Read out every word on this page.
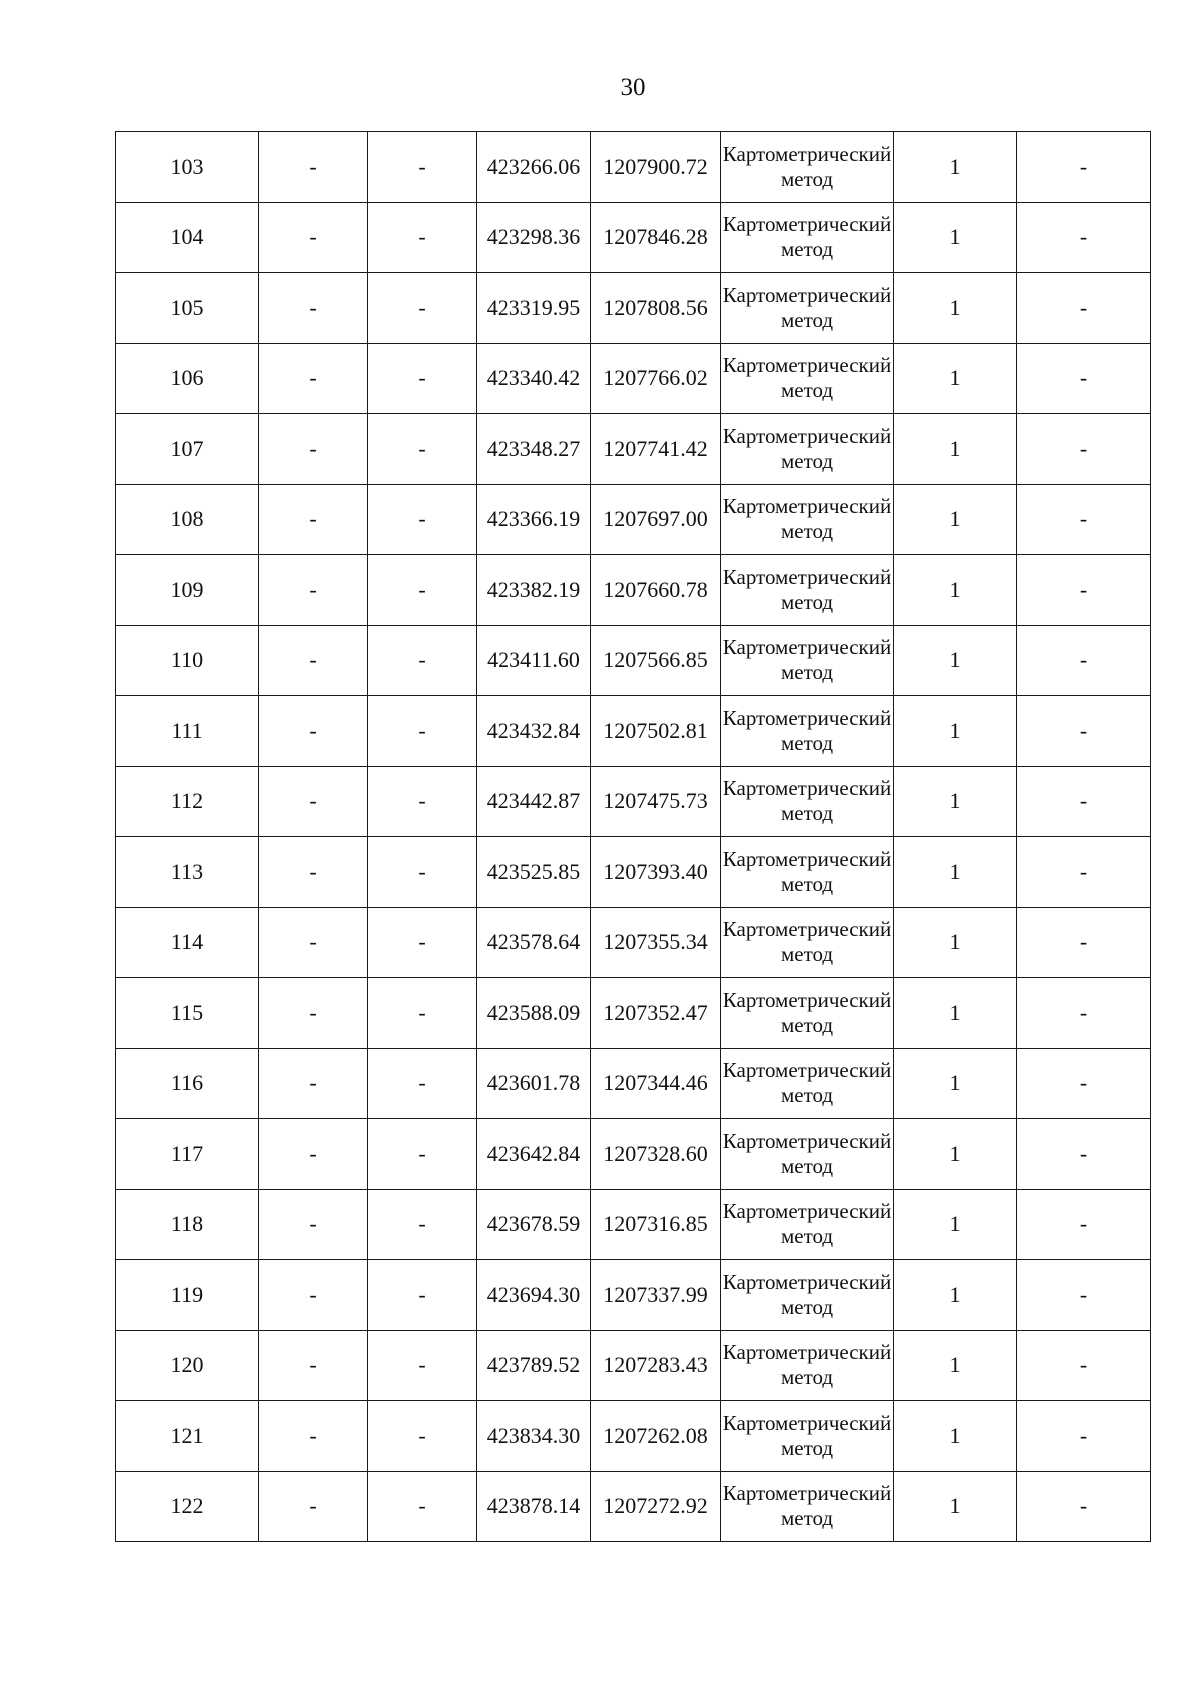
30
103	-	-	423266.06	1207900.72	Картометрический метод	1	-
104	-	-	423298.36	1207846.28	Картометрический метод	1	-
105	-	-	423319.95	1207808.56	Картометрический метод	1	-
106	-	-	423340.42	1207766.02	Картометрический метод	1	-
107	-	-	423348.27	1207741.42	Картометрический метод	1	-
108	-	-	423366.19	1207697.00	Картометрический метод	1	-
109	-	-	423382.19	1207660.78	Картометрический метод	1	-
110	-	-	423411.60	1207566.85	Картометрический метод	1	-
111	-	-	423432.84	1207502.81	Картометрический метод	1	-
112	-	-	423442.87	1207475.73	Картометрический метод	1	-
113	-	-	423525.85	1207393.40	Картометрический метод	1	-
114	-	-	423578.64	1207355.34	Картометрический метод	1	-
115	-	-	423588.09	1207352.47	Картометрический метод	1	-
116	-	-	423601.78	1207344.46	Картометрический метод	1	-
117	-	-	423642.84	1207328.60	Картометрический метод	1	-
118	-	-	423678.59	1207316.85	Картометрический метод	1	-
119	-	-	423694.30	1207337.99	Картометрический метод	1	-
120	-	-	423789.52	1207283.43	Картометрический метод	1	-
121	-	-	423834.30	1207262.08	Картометрический метод	1	-
122	-	-	423878.14	1207272.92	Картометрический метод	1	-
